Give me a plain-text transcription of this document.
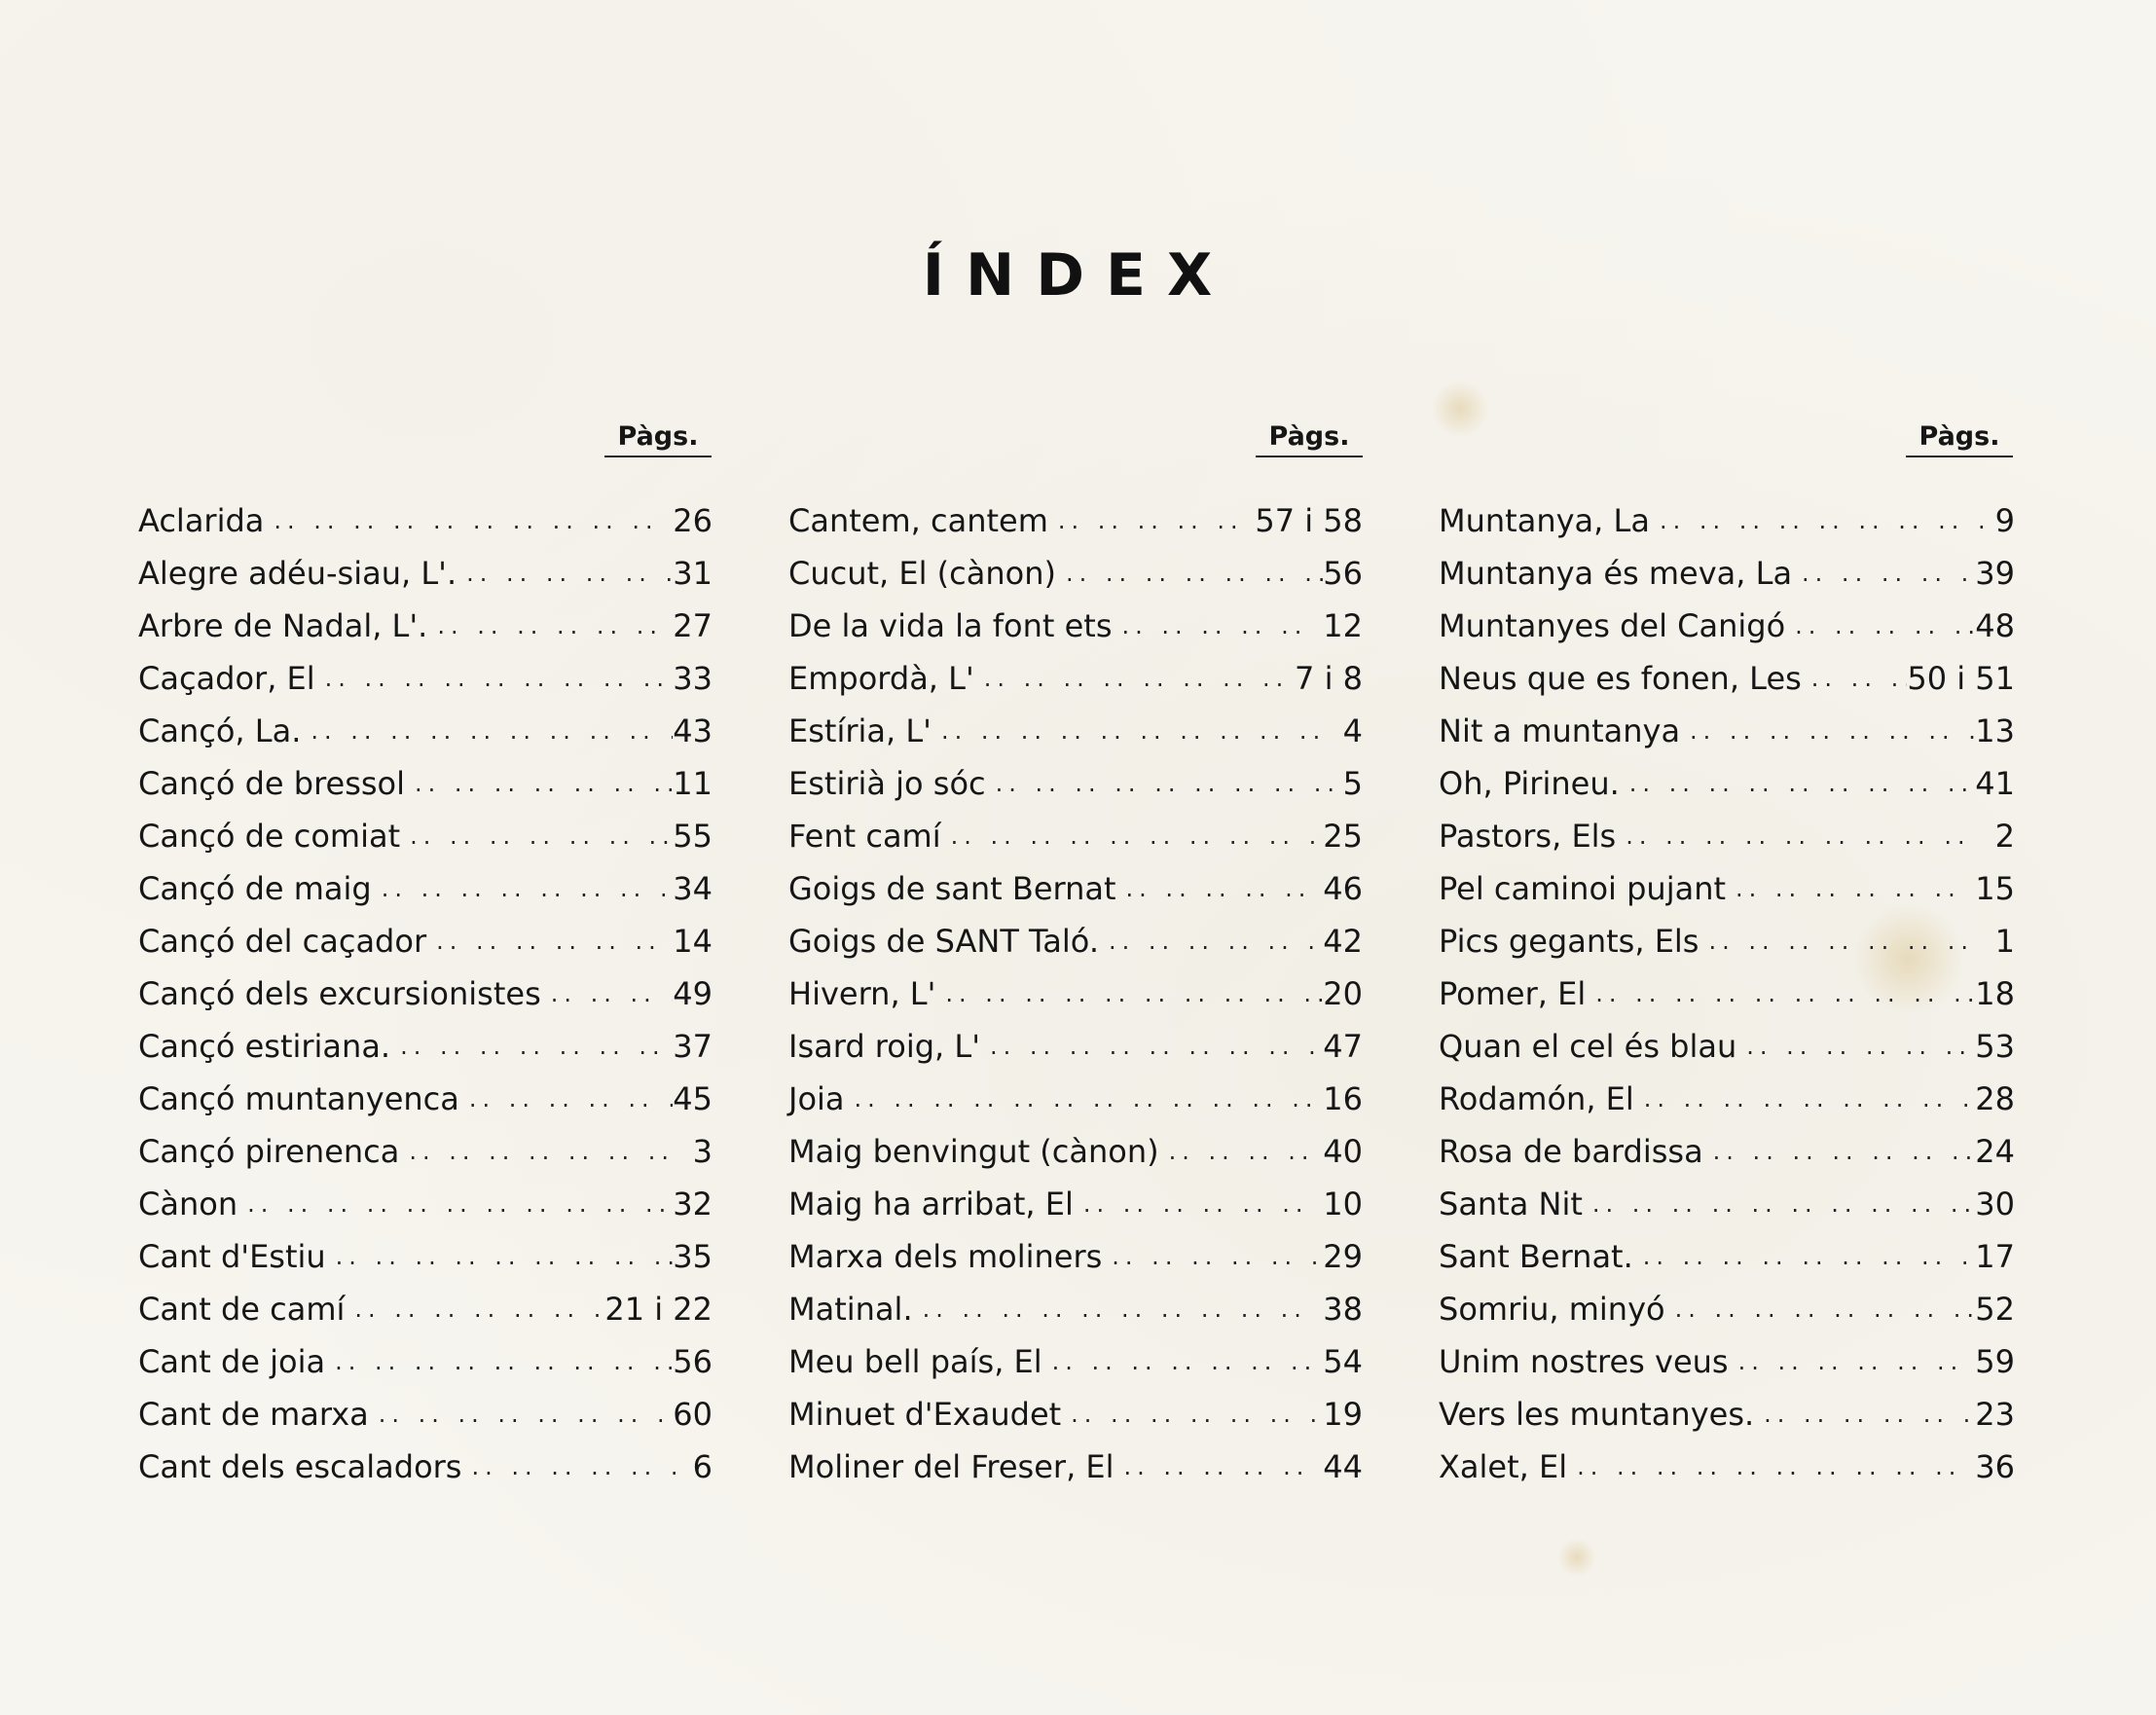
ÍNDEX
Pàgs.	Pàgs.	Pàgs.
Aclarida .. ..	26
Alegre adéu-siau, L'. .. ..	31
Arbre de Nadal, L'. .. ..	27
Caçador, El .. ..	33
Cançó, La. .. ..	43
Cançó de bressol .. ..	11
Cançó de comiat .. ..	55
Cançó de maig .. ..	34
Cançó del caçador .. ..	14
Cançó dels excursionistes .. ..	49
Cançó estiriana. .. ..	37
Cançó muntanyenca .. ..	45
Cançó pirenenca .. ..	3
Cànon .. ..	32
Cant d'Estiu .. ..	35
Cant de camí .. ..	21 i 22
Cant de joia .. ..	56
Cant de marxa .. ..	60
Cant dels escaladors .. ..	6
Cantem, cantem .. ..	57 i 58
Cucut, El (cànon) .. ..	56
De la vida la font ets .. ..	12
Empordà, L' .. ..	7 i 8
Estíria, L' .. ..	4
Estirià jo sóc .. ..	5
Fent camí .. ..	25
Goigs de sant Bernat .. ..	46
Goigs de SANT Taló. .. ..	42
Hivern, L' .. ..	20
Isard roig, L' .. ..	47
Joia .. ..	16
Maig benvingut (cànon) .. ..	40
Maig ha arribat, El .. ..	10
Marxa dels moliners .. ..	29
Matinal. .. ..	38
Meu bell país, El .. ..	54
Minuet d'Exaudet .. ..	19
Moliner del Freser, El .. ..	44
Muntanya, La .. ..	9
Muntanya és meva, La .. ..	39
Muntanyes del Canigó .. ..	48
Neus que es fonen, Les .. ..	50 i 51
Nit a muntanya .. ..	13
Oh, Pirineu. .. ..	41
Pastors, Els .. ..	2
Pel caminoi pujant .. ..	15
Pics gegants, Els .. ..	1
Pomer, El .. ..	18
Quan el cel és blau .. ..	53
Rodamón, El .. ..	28
Rosa de bardissa .. ..	24
Santa Nit .. ..	30
Sant Bernat. .. ..	17
Somriu, minyó .. ..	52
Unim nostres veus .. ..	59
Vers les muntanyes. .. ..	23
Xalet, El .. ..	36
